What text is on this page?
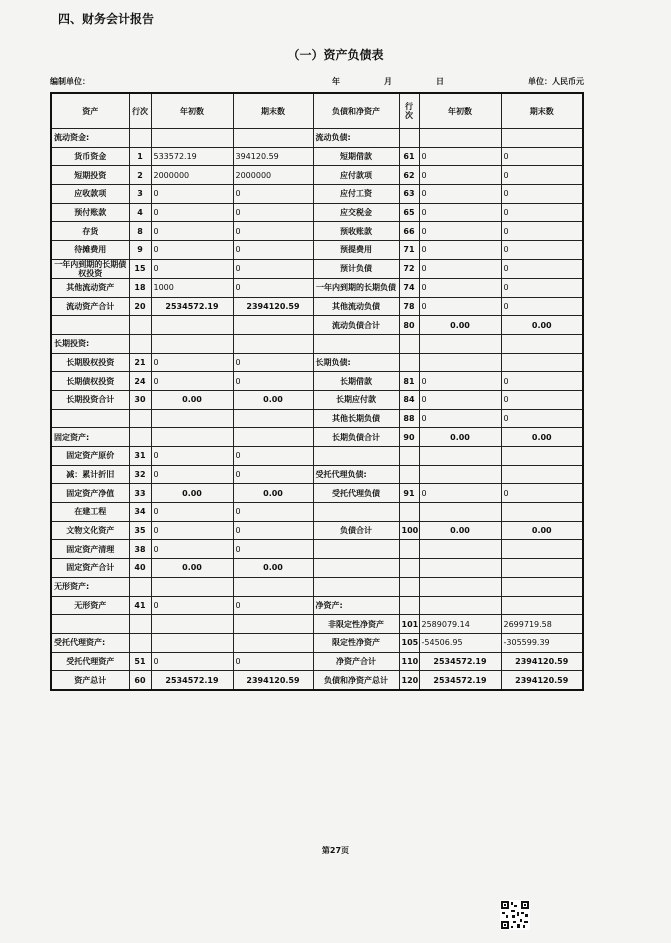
四、财务会计报告
（一）资产负债表
编制单位：	年	月	日	单位：人民币元
资产	行次	年初数	期末数	负债和净资产	行次	年初数	期末数
流动资金:				流动负债:			
货币资金	1	533572.19	394120.59	短期借款	61	0	0
短期投资	2	2000000	2000000	应付款项	62	0	0
应收款项	3	0	0	应付工资	63	0	0
预付账款	4	0	0	应交税金	65	0	0
存货	8	0	0	预收账款	66	0	0
待摊费用	9	0	0	预提费用	71	0	0
一年内到期的长期债权投资	15	0	0	预计负债	72	0	0
其他流动资产	18	1000	0	一年内到期的长期负债	74	0	0
流动资产合计	20	2534572.19	2394120.59	其他流动负债	78	0	0
				流动负债合计	80	0.00	0.00
长期投资:							
长期股权投资	21	0	0	长期负债:			
长期债权投资	24	0	0	长期借款	81	0	0
长期投资合计	30	0.00	0.00	长期应付款	84	0	0
				其他长期负债	88	0	0
固定资产:				长期负债合计	90	0.00	0.00
固定资产原价	31	0	0				
减：累计折旧	32	0	0	受托代理负债:			
固定资产净值	33	0.00	0.00	受托代理负债	91	0	0
在建工程	34	0	0				
文物文化资产	35	0	0	负债合计	100	0.00	0.00
固定资产清理	38	0	0				
固定资产合计	40	0.00	0.00				
无形资产:							
无形资产	41	0	0	净资产:			
				非限定性净资产	101	2589079.14	2699719.58
受托代理资产:				限定性净资产	105	-54506.95	-305599.39
受托代理资产	51	0	0	净资产合计	110	2534572.19	2394120.59
资产总计	60	2534572.19	2394120.59	负债和净资产总计	120	2534572.19	2394120.59
第27页
